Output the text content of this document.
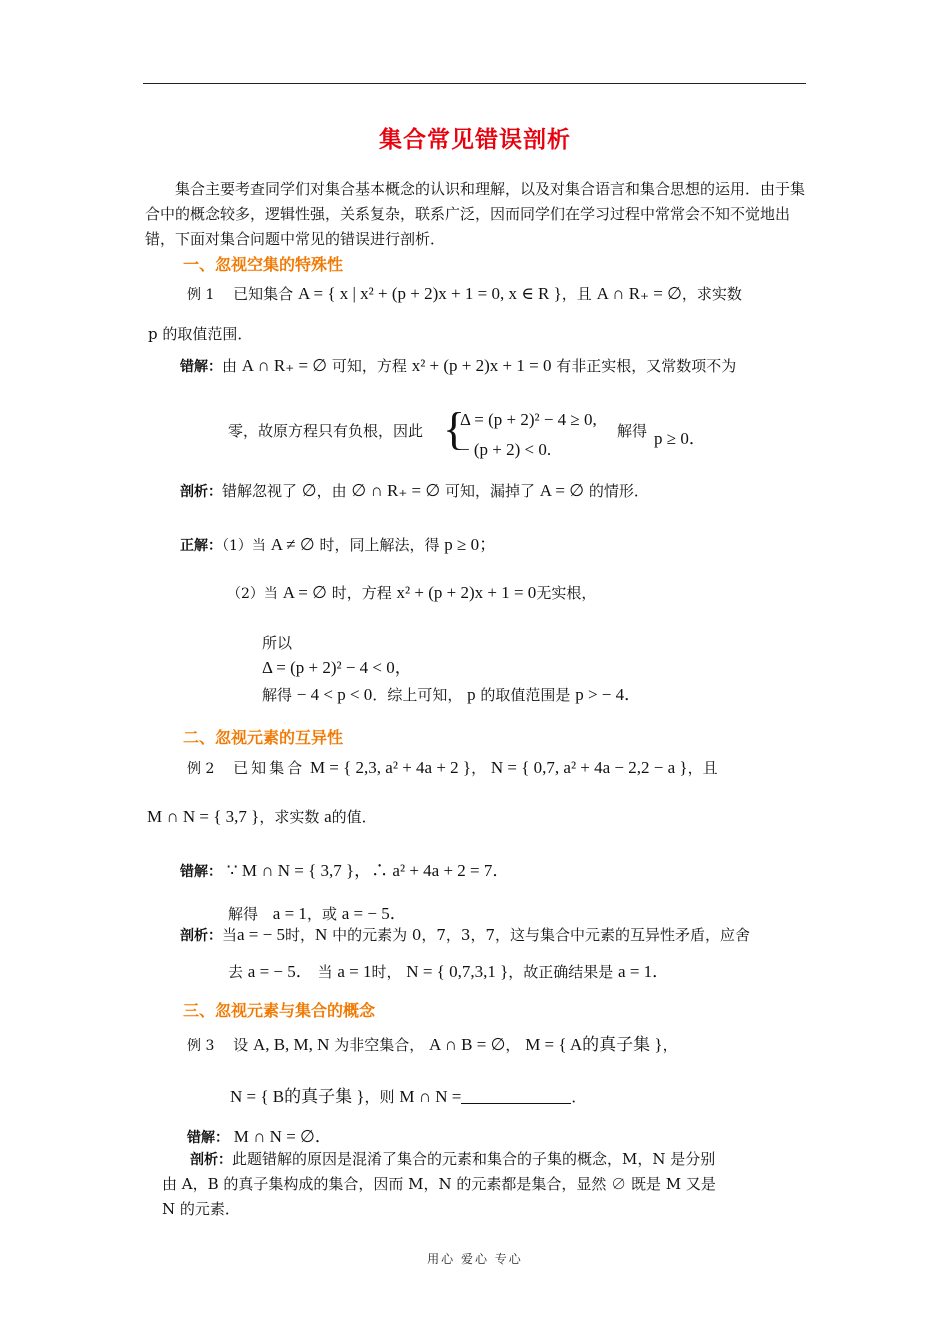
集合常见错误剖析
集合主要考查同学们对集合基本概念的认识和理解，以及对集合语言和集合思想的运用．由于集合中的概念较多，逻辑性强，关系复杂，联系广泛，因而同学们在学习过程中常常会不知不觉地出错，下面对集合问题中常见的错误进行剖析．
一、忽视空集的特殊性
例 1 已知集合 A = { x | x² + (p + 2)x + 1 = 0, x ∈ R }，且 A ∩ R₊ = ∅，求实数
p 的取值范围．
错解：由 A ∩ R₊ = ∅ 可知，方程 x² + (p + 2)x + 1 = 0 有非正实根，又常数项不为
零，故原方程只有负根，因此 {
Δ = (p + 2)² − 4 ≥ 0,
− (p + 2) < 0.
解得 p ≥ 0．
剖析：错解忽视了 ∅，由 ∅ ∩ R₊ = ∅ 可知，漏掉了 A = ∅ 的情形．
正解：（1）当 A ≠ ∅ 时，同上解法，得 p ≥ 0；
（2）当 A = ∅ 时，方程 x² + (p + 2)x + 1 = 0无实根，
所以
Δ = (p + 2)² − 4 < 0，
解得 − 4 < p < 0．综上可知， p 的取值范围是 p > − 4．
二、忽视元素的互异性
例 2 已知集合 M = { 2,3, a² + 4a + 2 }， N = { 0,7, a² + 4a − 2,2 − a }，且
M ∩ N = { 3,7 }，求实数 a的值．
错解： ∵ M ∩ N = { 3,7 }，∴ a² + 4a + 2 = 7．
解得 a = 1，或 a = − 5．
剖析：当a = − 5时，N 中的元素为 0，7，3，7，这与集合中元素的互异性矛盾，应舍
去 a = − 5． 当 a = 1时， N = { 0,7,3,1 }，故正确结果是 a = 1．
三、忽视元素与集合的概念
例 3 设 A, B, M, N 为非空集合， A ∩ B = ∅， M = { A的真子集 }，
N = { B的真子集 }，则 M ∩ N =	．
错解： M ∩ N = ∅．
剖析：此题错解的原因是混淆了集合的元素和集合的子集的概念，M，N 是分别
由 A，B 的真子集构成的集合，因而 M，N 的元素都是集合，显然 ∅ 既是 M 又是
N 的元素．
用心 爱心 专心
